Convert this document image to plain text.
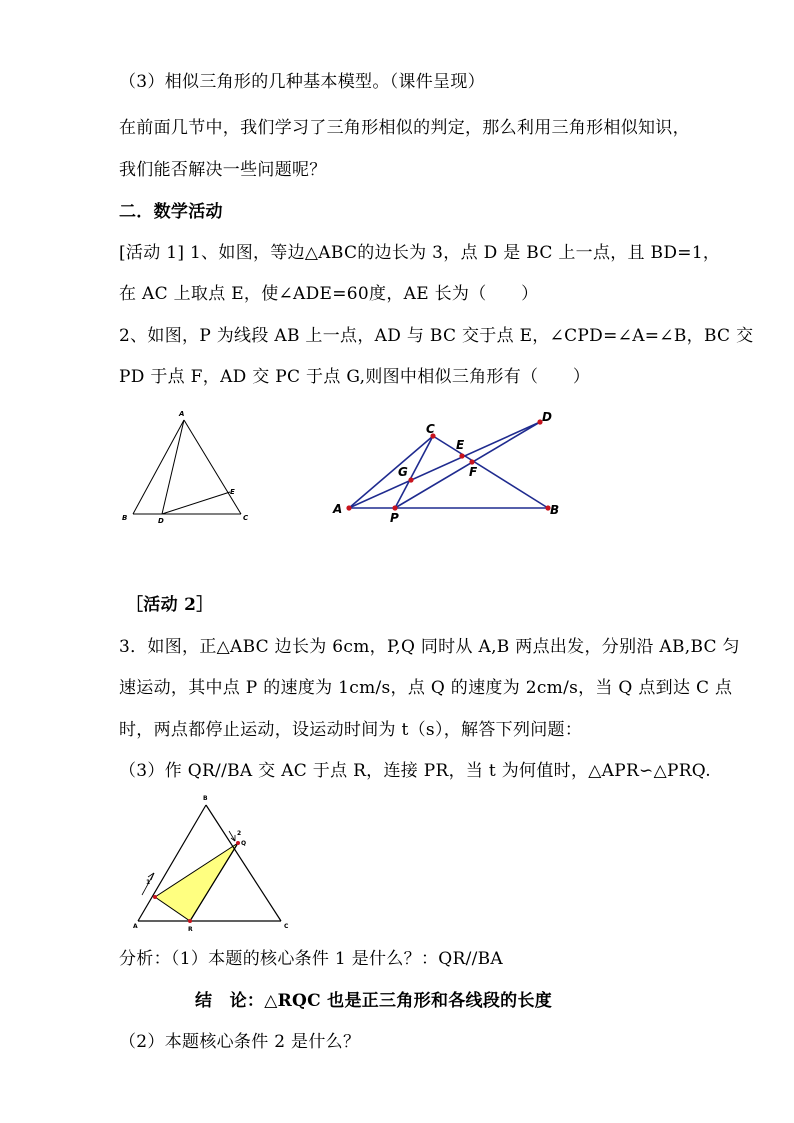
（3）相似三角形的几种基本模型。（课件呈现）
在前面几节中，我们学习了三角形相似的判定，那么利用三角形相似知识，
我们能否解决一些问题呢？
二．数学活动
[活动 1] 1、如图，等边△ABC的边长为 3，点 D 是 BC 上一点，且 BD=1，
在 AC 上取点 E，使∠ADE=60度，AE 长为（　　）
2、如图，P 为线段 AB 上一点，AD 与 BC 交于点 E，∠CPD=∠A=∠B，BC 交
PD 于点 F，AD 交 PC 于点 G,则图中相似三角形有（　　）
A
B	D	C
E
A	B
C
D
E
F
G
P
［活动 2］
3．如图，正△ABC 边长为 6cm，P,Q 同时从 A,B 两点出发，分别沿 AB,BC 匀
速运动，其中点 P 的速度为 1cm/s，点 Q 的速度为 2cm/s，当 Q 点到达 C 点
时，两点都停止运动，设运动时间为 t（s），解答下列问题：
（3）作 QR//BA 交 AC 于点 R，连接 PR，当 t 为何值时，△APR∽△PRQ.
B
A	C
R
Q
1
2
分析：（1）本题的核心条件 1 是什么？：QR//BA
结　论：△RQC 也是正三角形和各线段的长度
（2）本题核心条件 2 是什么？
